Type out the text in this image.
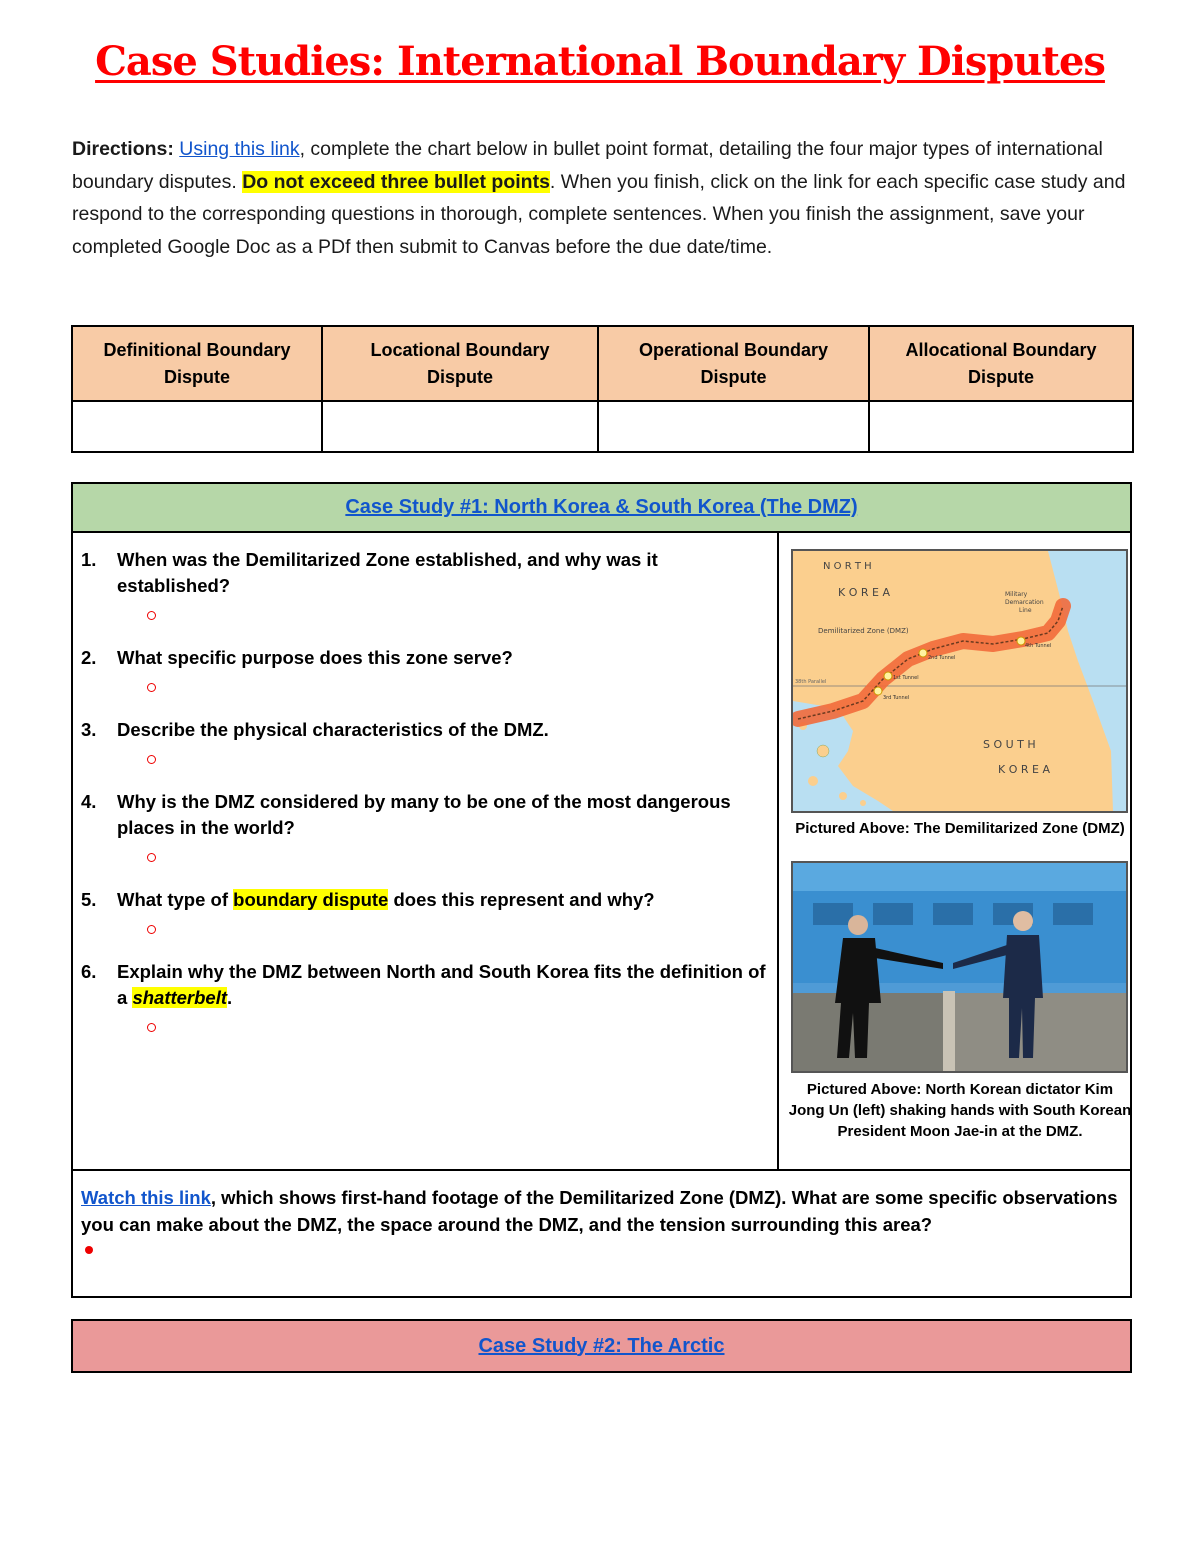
Case Studies: International Boundary Disputes

Directions: Using this link, complete the chart below in bullet point format, detailing the four major types of international boundary disputes. Do not exceed three bullet points. When you finish, click on the link for each specific case study and respond to the corresponding questions in thorough, complete sentences. When you finish the assignment, save your completed Google Doc as a PDf then submit to Canvas before the due date/time.

Definitional Boundary Dispute	Locational Boundary Dispute	Operational Boundary Dispute	Allocational Boundary Dispute

Case Study #1: North Korea & South Korea (The DMZ)
1. When was the Demilitarized Zone established, and why was it established?
2. What specific purpose does this zone serve?
3. Describe the physical characteristics of the DMZ.
4. Why is the DMZ considered by many to be one of the most dangerous places in the world?
5. What type of boundary dispute does this represent and why?
6. Explain why the DMZ between North and South Korea fits the definition of a shatterbelt.
N O R T H
K O R E A
S O U T H
K O R E A
Demilitarized Zone (DMZ)
Military
Demarcation
Line
38th Parallel
2nd Tunnel
4th Tunnel
1st Tunnel
3rd Tunnel
Pictured Above: The Demilitarized Zone (DMZ)
Pictured Above: North Korean dictator Kim Jong Un (left) shaking hands with South Korean President Moon Jae-in at the DMZ.

Watch this link, which shows first-hand footage of the Demilitarized Zone (DMZ). What are some specific observations you can make about the DMZ, the space around the DMZ, and the tension surrounding this area?

Case Study #2: The Arctic
